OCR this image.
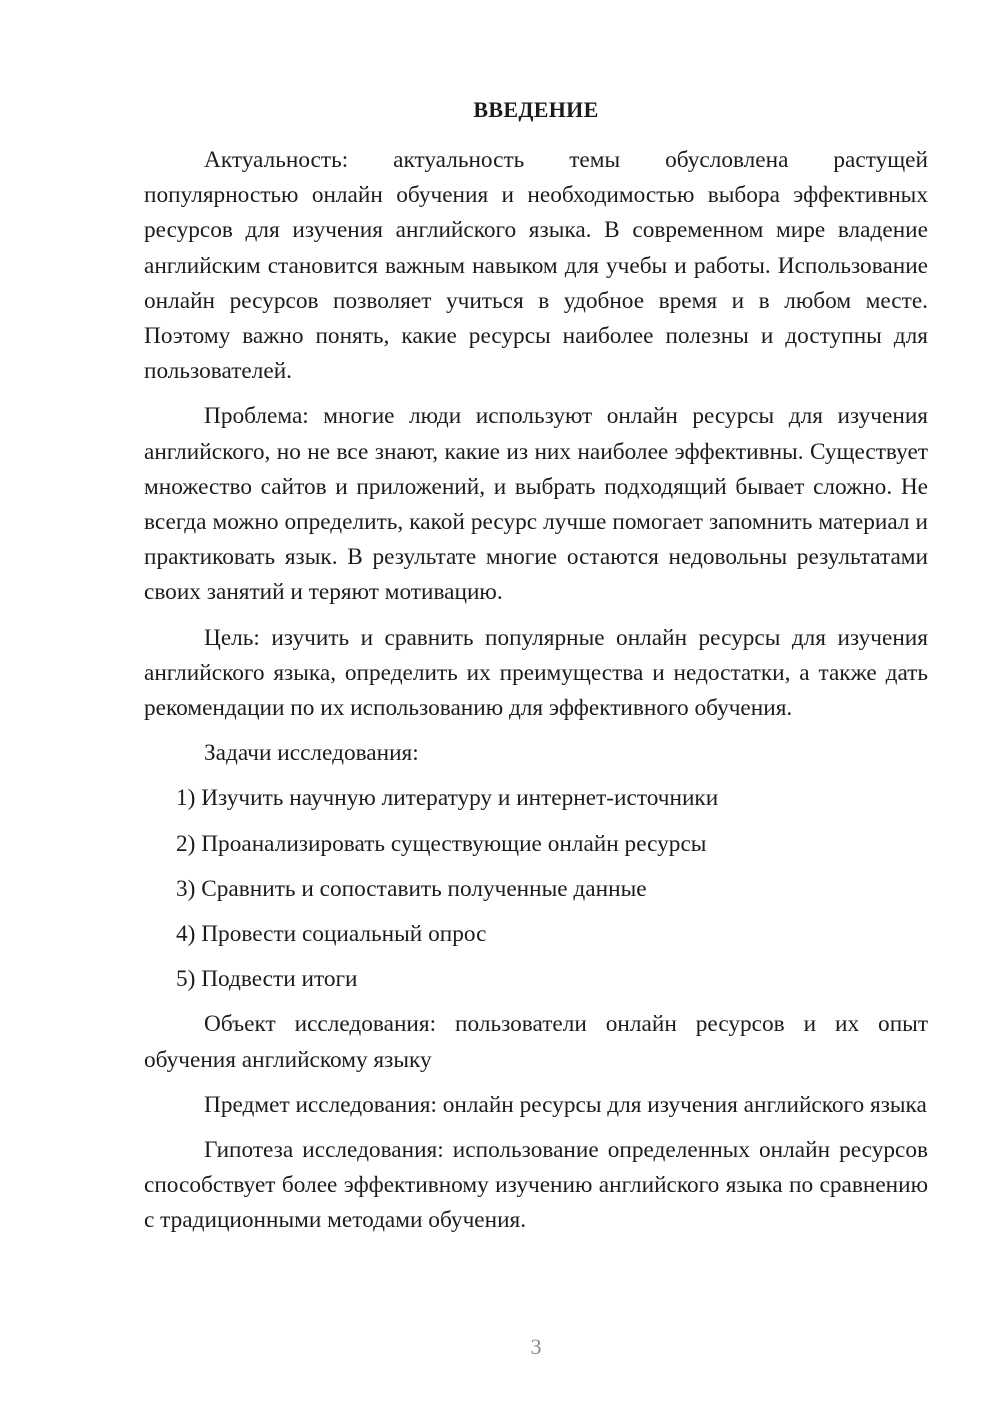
ВВЕДЕНИЕ

Актуальность: актуальность темы обусловлена растущей популярностью онлайн обучения и необходимостью выбора эффективных ресурсов для изучения английского языка. В современном мире владение английским становится важным навыком для учебы и работы. Использование онлайн ресурсов позволяет учиться в удобное время и в любом месте. Поэтому важно понять, какие ресурсы наиболее полезны и доступны для пользователей.

Проблема: многие люди используют онлайн ресурсы для изучения английского, но не все знают, какие из них наиболее эффективны. Существует множество сайтов и приложений, и выбрать подходящий бывает сложно. Не всегда можно определить, какой ресурс лучше помогает запомнить материал и практиковать язык. В результате многие остаются недовольны результатами своих занятий и теряют мотивацию.

Цель: изучить и сравнить популярные онлайн ресурсы для изучения английского языка, определить их преимущества и недостатки, а также дать рекомендации по их использованию для эффективного обучения.

Задачи исследования:

1) Изучить научную литературу и интернет-источники
2) Проанализировать существующие онлайн ресурсы
3) Сравнить и сопоставить полученные данные
4) Провести социальный опрос
5) Подвести итоги

Объект исследования: пользователи онлайн ресурсов и их опыт обучения английскому языку

Предмет исследования: онлайн ресурсы для изучения английского языка

Гипотеза исследования: использование определенных онлайн ресурсов способствует более эффективному изучению английского языка по сравнению с традиционными методами обучения.

3
